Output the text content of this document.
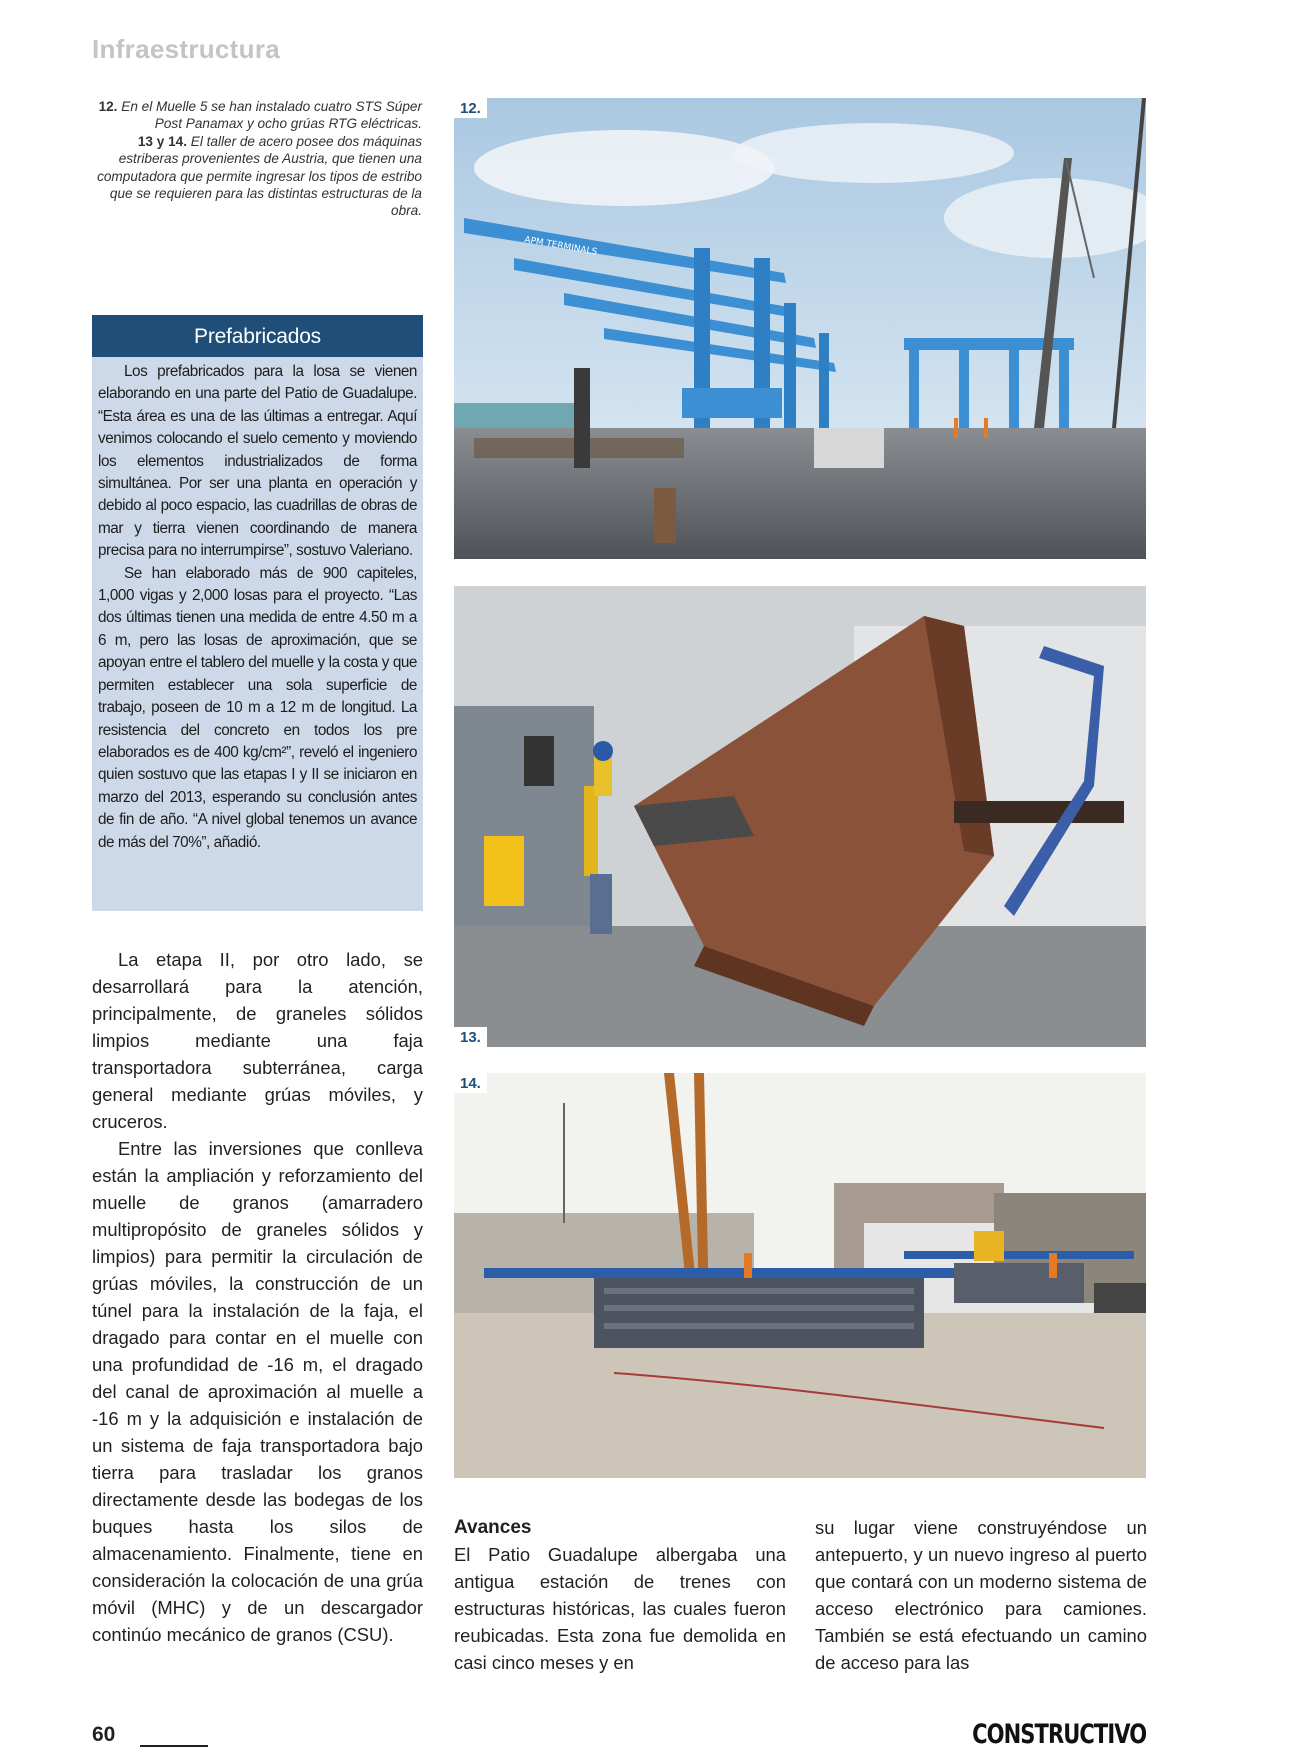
Infraestructura
12. En el Muelle 5 se han instalado cuatro STS Súper Post Panamax y ocho grúas RTG eléctricas.
13 y 14. El taller de acero posee dos máquinas estriberas provenientes de Austria, que tienen una computadora que permite ingresar los tipos de estribo que se requieren para las distintas estructuras de la obra.
Prefabricados

Los prefabricados para la losa se vienen elaborando en una parte del Patio de Guadalupe. “Esta área es una de las últimas a entregar. Aquí venimos colocando el suelo cemento y moviendo los elementos industrializados de forma simultánea. Por ser una planta en operación y debido al poco espacio, las cuadrillas de obras de mar y tierra vienen coordinando de manera precisa para no interrumpirse”, sostuvo Valeriano.

Se han elaborado más de 900 capiteles, 1,000 vigas y 2,000 losas para el proyecto. “Las dos últimas tienen una medida de entre 4.50 m a 6 m, pero las losas de aproximación, que se apoyan entre el tablero del muelle y la costa y que permiten establecer una sola superficie de trabajo, poseen de 10 m a 12 m de longitud. La resistencia del concreto en todos los pre elaborados es de 400 kg/cm²”, reveló el ingeniero quien sostuvo que las etapas I y II se iniciaron en marzo del 2013, esperando su conclusión antes de fin de año. “A nivel global tenemos un avance de más del 70%”, añadió.

La etapa II, por otro lado, se desarrollará para la atención, principalmente, de graneles sólidos limpios mediante una faja transportadora subterránea, carga general mediante grúas móviles, y cruceros.

Entre las inversiones que conlleva están la ampliación y reforzamiento del muelle de granos (amarradero multipropósito de graneles sólidos y limpios) para permitir la circulación de grúas móviles, la construcción de un túnel para la instalación de la faja, el dragado para contar en el muelle con una profundidad de -16 m, el dragado del canal de aproximación al muelle a -16 m y la adquisición e instalación de un sistema de faja transportadora bajo tierra para trasladar los granos directamente desde las bodegas de los buques hasta los silos de almacenamiento. Finalmente, tiene en consideración la colocación de una grúa móvil (MHC) y de un descargador continúo mecánico de granos (CSU).

APM TERMINALS
12.
13.
14.
Avances

El Patio Guadalupe albergaba una antigua estación de trenes con estructuras históricas, las cuales fueron reubicadas. Esta zona fue demolida en casi cinco meses y en

su lugar viene construyéndose un antepuerto, y un nuevo ingreso al puerto que contará con un moderno sistema de acceso electrónico para camiones. También se está efectuando un camino de acceso para las

60	CONSTRUCTIVO
